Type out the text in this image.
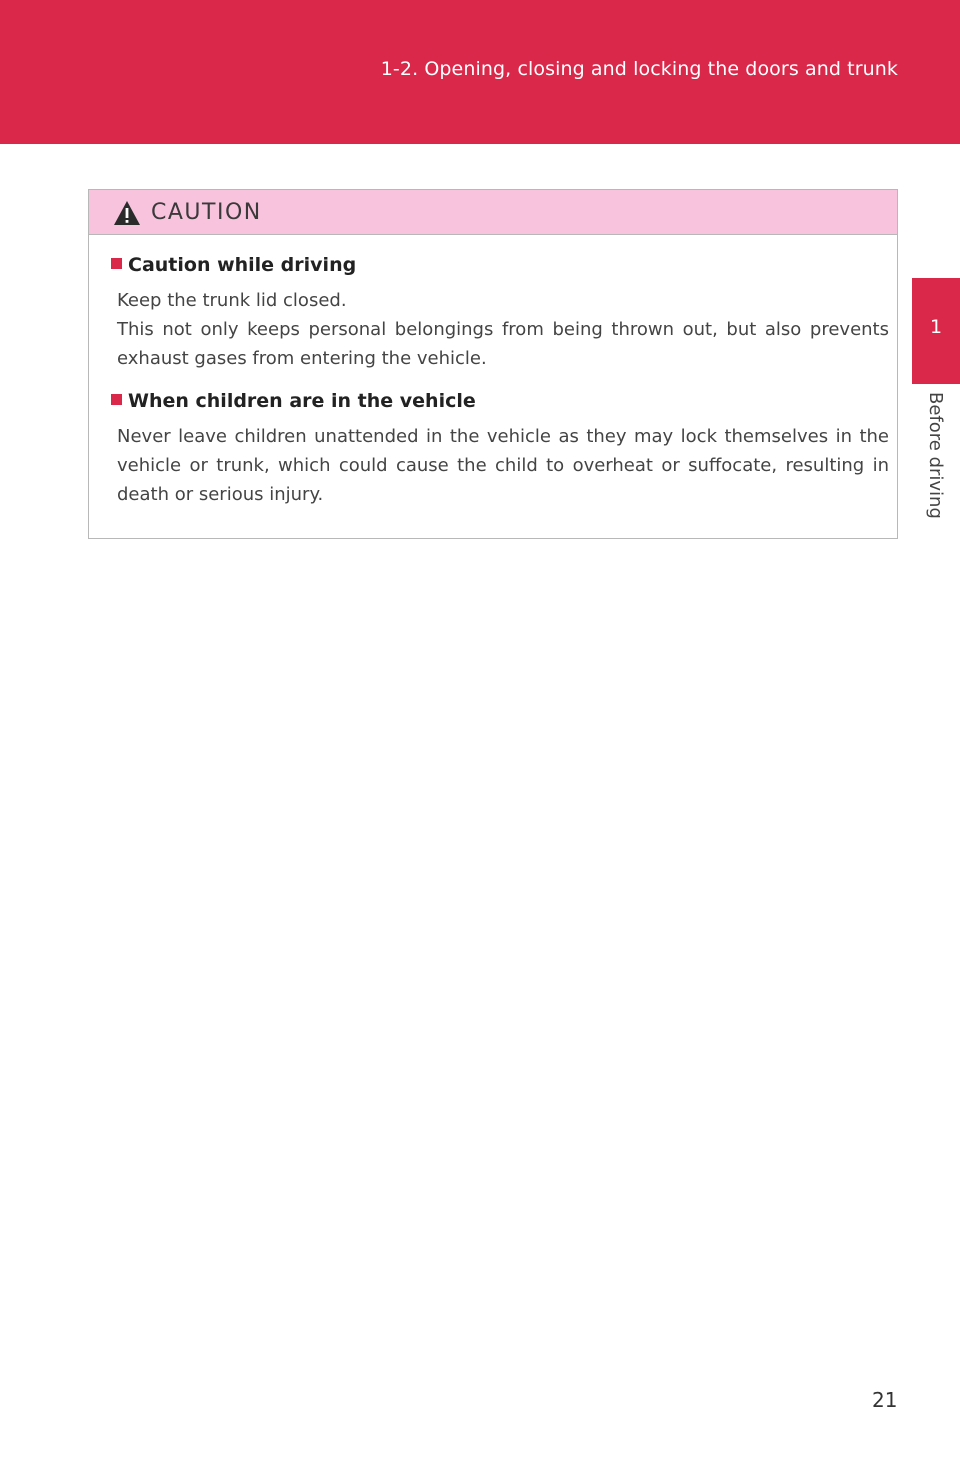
1-2. Opening, closing and locking the doors and trunk
1
Before driving
CAUTION
Caution while driving
Keep the trunk lid closed.
This not only keeps personal belongings from being thrown out, but also prevents exhaust gases from entering the vehicle.
When children are in the vehicle
Never leave children unattended in the vehicle as they may lock themselves in the vehicle or trunk, which could cause the child to overheat or suffocate, resulting in death or serious injury.
21
